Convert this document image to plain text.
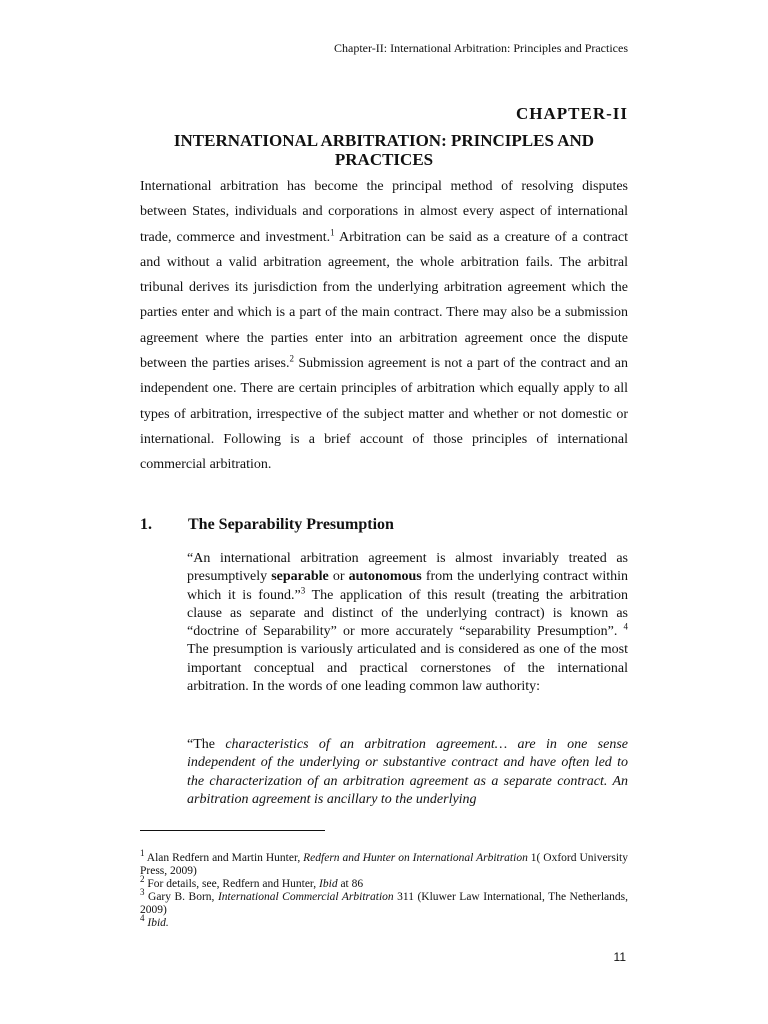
Chapter-II: International Arbitration: Principles and Practices
CHAPTER-II
INTERNATIONAL ARBITRATION: PRINCIPLES AND PRACTICES

International arbitration has become the principal method of resolving disputes between States, individuals and corporations in almost every aspect of international trade, commerce and investment.$^1$ Arbitration can be said as a creature of a contract and without a valid arbitration agreement, the whole arbitration fails. The arbitral tribunal derives its jurisdiction from the underlying arbitration agreement which the parties enter and which is a part of the main contract. There may also be a submission agreement where the parties enter into an arbitration agreement once the dispute between the parties arises.$^2$ Submission agreement is not a part of the contract and an independent one. There are certain principles of arbitration which equally apply to all types of arbitration, irrespective of the subject matter and whether or not domestic or international. Following is a brief account of those principles of international commercial arbitration.

1. The Separability Presumption

“An international arbitration agreement is almost invariably treated as presumptively separable or autonomous from the underlying contract within which it is found.”$^3$ The application of this result (treating the arbitration clause as separate and distinct of the underlying contract) is known as “doctrine of Separability” or more accurately “separability Presumption”. $^4$ The presumption is variously articulated and is considered as one of the most important conceptual and practical cornerstones of the international arbitration. In the words of one leading common law authority:

“The characteristics of an arbitration agreement… are in one sense independent of the underlying or substantive contract and have often led to the characterization of an arbitration agreement as a separate contract. An arbitration agreement is ancillary to the underlying

$^1$ Alan Redfern and Martin Hunter, Redfern and Hunter on International Arbitration 1( Oxford University Press, 2009)
$^2$ For details, see, Redfern and Hunter, Ibid at 86
$^3$ Gary B. Born, International Commercial Arbitration 311 (Kluwer Law International, The Netherlands, 2009)
$^4$ Ibid.
11
